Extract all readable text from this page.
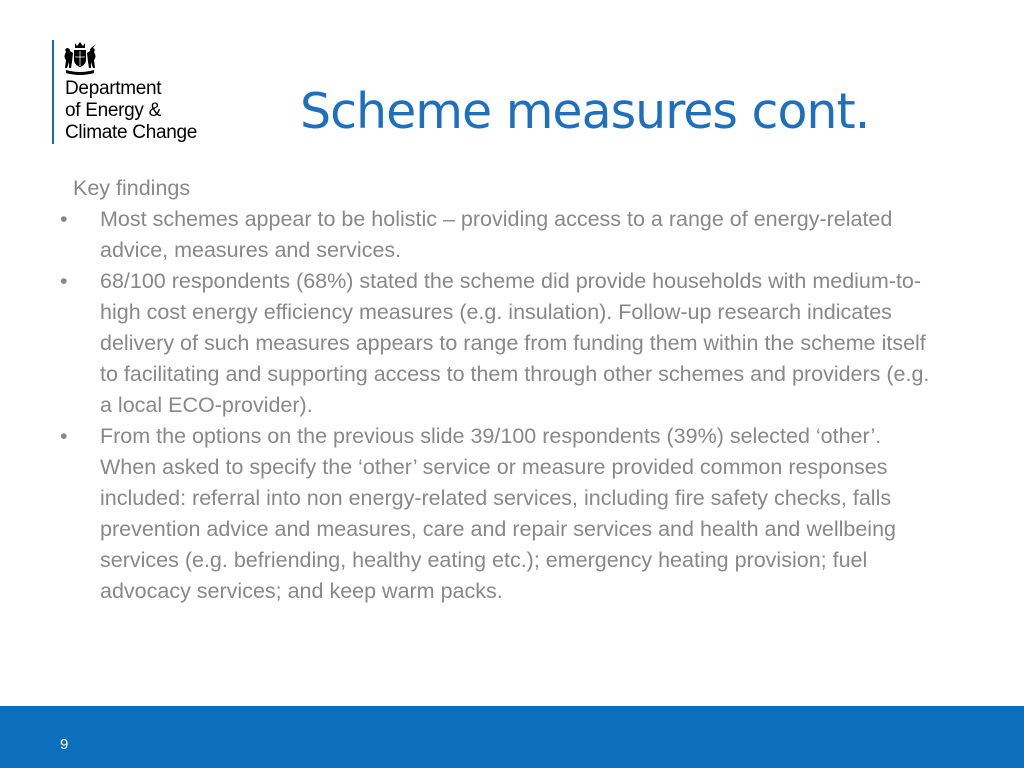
Department
of Energy &
Climate Change Scheme measures cont.
Key findings
• Most schemes appear to be holistic – providing access to a range of energy-related advice, measures and services.
• 68/100 respondents (68%) stated the scheme did provide households with medium-to-high cost energy efficiency measures (e.g. insulation). Follow-up research indicates delivery of such measures appears to range from funding them within the scheme itself to facilitating and supporting access to them through other schemes and providers (e.g. a local ECO-provider).
• From the options on the previous slide 39/100 respondents (39%) selected ‘other’. When asked to specify the ‘other’ service or measure provided common responses included: referral into non energy-related services, including fire safety checks, falls prevention advice and measures, care and repair services and health and wellbeing services (e.g. befriending, healthy eating etc.); emergency heating provision; fuel advocacy services; and keep warm packs.
9
